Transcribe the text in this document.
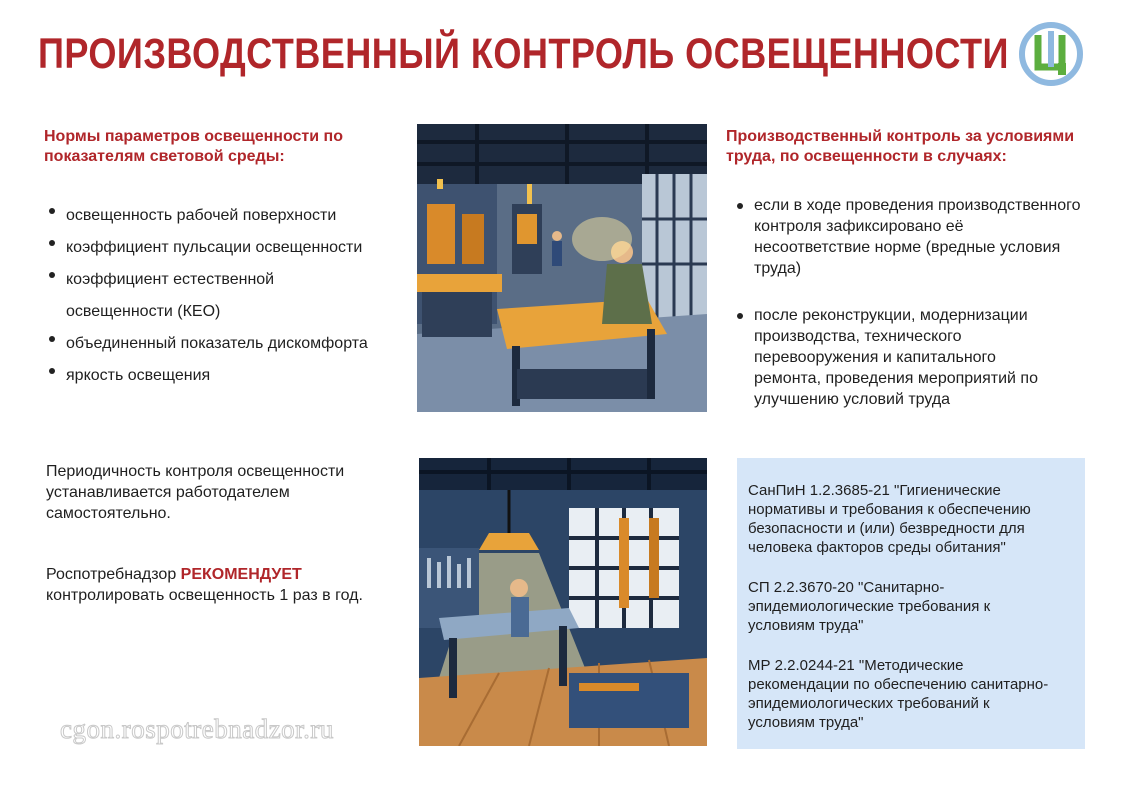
ПРОИЗВОДСТВЕННЫЙ КОНТРОЛЬ ОСВЕЩЕННОСТИ
Нормы параметров освещенности по
показателям световой среды:
освещенность рабочей поверхности
коэффициент пульсации освещенности
коэффициент естественной освещенности (КЕО)
объединенный показатель дискомфорта
яркость освещения
Производственный контроль за условиями
труда, по освещенности в случаях:
если в ходе проведения производственного контроля зафиксировано её несоответствие норме (вредные условия труда)
после реконструкции, модернизации производства, технического перевооружения и капитального ремонта, проведения мероприятий по улучшению условий труда
Периодичность контроля освещенности устанавливается работодателем самостоятельно.
Роспотребнадзор РЕКОМЕНДУЕТ
контролировать освещенность 1 раз в год.
cgon.rospotrebnadzor.ru

СанПиН 1.2.3685-21 "Гигиенические нормативы и требования к обеспечению безопасности и (или) безвредности для человека факторов среды обитания"

СП 2.2.3670-20 "Санитарно-эпидемиологические требования к условиям труда"

МР 2.2.0244-21 "Методические рекомендации по обеспечению санитарно-эпидемиологических требований к условиям труда"
